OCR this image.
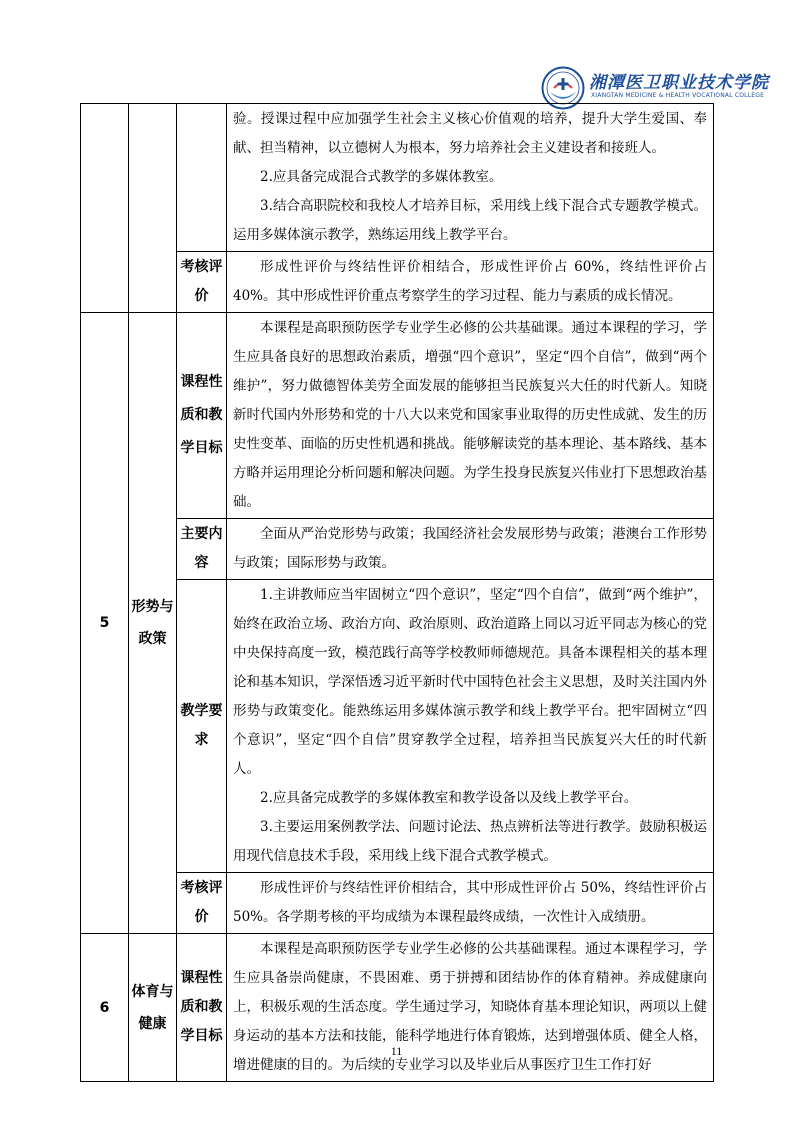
湘潭医卫职业技术学院
XIANGTAN MEDICINE & HEALTH VOCATIONAL COLLEGE

			验。授课过程中应加强学生社会主义核心价值观的培养，提升大学生爱国、奉献、担当精神，以立德树人为根本，努力培养社会主义建设者和接班人。

2.应具备完成混合式教学的多媒体教室。

3.结合高职院校和我校人才培养目标，采用线上线下混合式专题教学模式。运用多媒体演示教学，熟练运用线上教学平台。

		考核评价	形成性评价与终结性评价相结合，形成性评价占 60%，终结性评价占 40%。其中形成性评价重点考察学生的学习过程、能力与素质的成长情况。

5	形势与政策	课程性质和教学目标	本课程是高职预防医学专业学生必修的公共基础课。通过本课程的学习，学生应具备良好的思想政治素质，增强“四个意识”，坚定“四个自信”，做到“两个维护”，努力做德智体美劳全面发展的能够担当民族复兴大任的时代新人。知晓新时代国内外形势和党的十八大以来党和国家事业取得的历史性成就、发生的历史性变革、面临的历史性机遇和挑战。能够解读党的基本理论、基本路线、基本方略并运用理论分析问题和解决问题。为学生投身民族复兴伟业打下思想政治基础。

		主要内容	全面从严治党形势与政策；我国经济社会发展形势与政策；港澳台工作形势与政策；国际形势与政策。

		教学要求	1.主讲教师应当牢固树立“四个意识”，坚定“四个自信”，做到“两个维护”，始终在政治立场、政治方向、政治原则、政治道路上同以习近平同志为核心的党中央保持高度一致，模范践行高等学校教师师德规范。具备本课程相关的基本理论和基本知识，学深悟透习近平新时代中国特色社会主义思想，及时关注国内外形势与政策变化。能熟练运用多媒体演示教学和线上教学平台。把牢固树立“四个意识”，坚定“四个自信”贯穿教学全过程，培养担当民族复兴大任的时代新人。

2.应具备完成教学的多媒体教室和教学设备以及线上教学平台。

3.主要运用案例教学法、问题讨论法、热点辨析法等进行教学。鼓励积极运用现代信息技术手段，采用线上线下混合式教学模式。

		考核评价	形成性评价与终结性评价相结合，其中形成性评价占 50%，终结性评价占 50%。各学期考核的平均成绩为本课程最终成绩，一次性计入成绩册。

6	体育与健康	课程性质和教学目标	本课程是高职预防医学专业学生必修的公共基础课程。通过本课程学习，学生应具备崇尚健康，不畏困难、勇于拼搏和团结协作的体育精神。养成健康向上，积极乐观的生活态度。学生通过学习，知晓体育基本理论知识，两项以上健身运动的基本方法和技能，能科学地进行体育锻炼，达到增强体质、健全人格，增进健康的目的。为后续的专业学习以及毕业后从事医疗卫生工作打好

11
